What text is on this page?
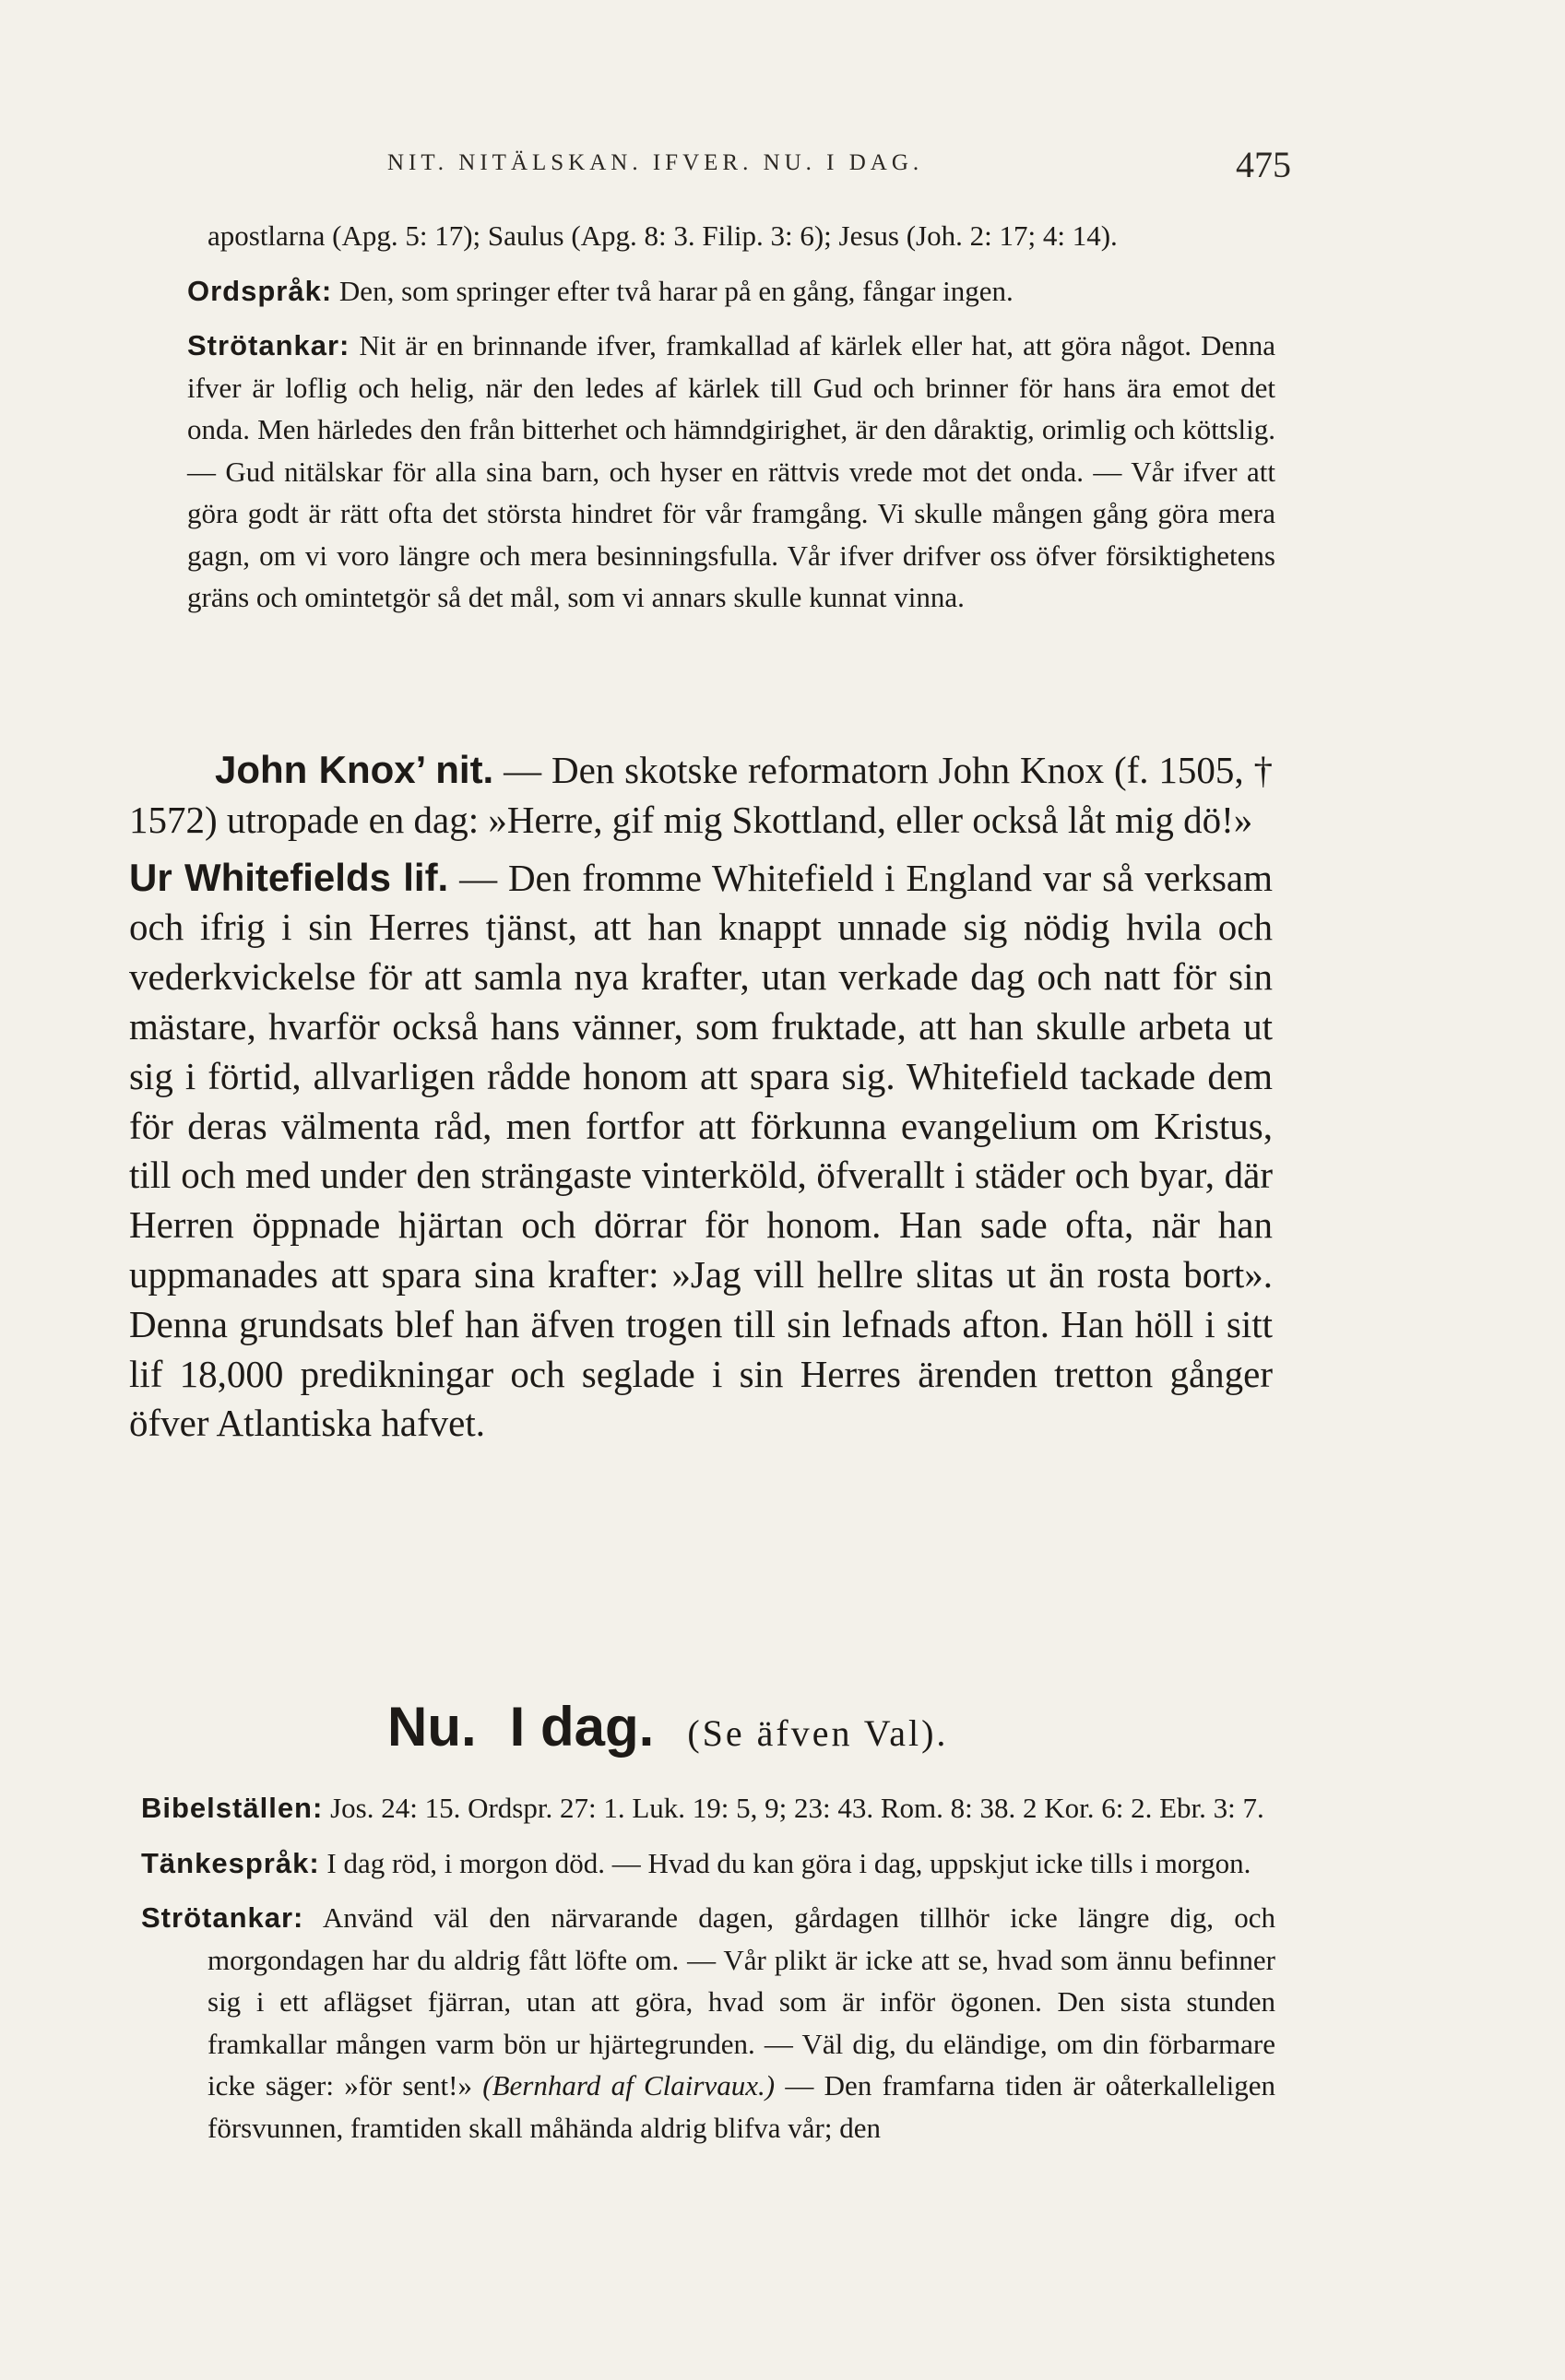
NIT. NITÄLSKAN. IFVER. NU. I DAG.	475

apostlarna (Apg. 5: 17); Saulus (Apg. 8: 3. Filip. 3: 6); Jesus (Joh. 2: 17; 4: 14).

Ordspråk: Den, som springer efter två harar på en gång, fångar ingen.

Strötankar: Nit är en brinnande ifver, framkallad af kärlek eller hat, att göra något. Denna ifver är loflig och helig, när den ledes af kärlek till Gud och brinner för hans ära emot det onda. Men härledes den från bitterhet och hämndgirighet, är den dåraktig, orimlig och köttslig. — Gud nitälskar för alla sina barn, och hyser en rättvis vrede mot det onda. — Vår ifver att göra godt är rätt ofta det största hindret för vår framgång. Vi skulle mången gång göra mera gagn, om vi voro längre och mera besinningsfulla. Vår ifver drifver oss öfver försiktighetens gräns och omintetgör så det mål, som vi annars skulle kunnat vinna.

John Knox’ nit. — Den skotske reformatorn John Knox (f. 1505, † 1572) utropade en dag: »Herre, gif mig Skottland, eller också låt mig dö!»

Ur Whitefields lif. — Den fromme Whitefield i England var så verksam och ifrig i sin Herres tjänst, att han knappt unnade sig nödig hvila och vederkvickelse för att samla nya krafter, utan verkade dag och natt för sin mästare, hvarför också hans vänner, som fruktade, att han skulle arbeta ut sig i förtid, allvarligen rådde honom att spara sig. Whitefield tackade dem för deras välmenta råd, men fortfor att förkunna evangelium om Kristus, till och med under den strängaste vinterköld, öfverallt i städer och byar, där Herren öppnade hjärtan och dörrar för honom. Han sade ofta, när han uppmanades att spara sina krafter: »Jag vill hellre slitas ut än rosta bort». Denna grundsats blef han äfven trogen till sin lefnads afton. Han höll i sitt lif 18,000 predikningar och seglade i sin Herres ärenden tretton gånger öfver Atlantiska hafvet.

Nu. I dag. (Se äfven Val).

Bibelställen: Jos. 24: 15. Ordspr. 27: 1. Luk. 19: 5, 9; 23: 43. Rom. 8: 38. 2 Kor. 6: 2. Ebr. 3: 7.

Tänkespråk: I dag röd, i morgon död. — Hvad du kan göra i dag, uppskjut icke tills i morgon.

Strötankar: Använd väl den närvarande dagen, gårdagen tillhör icke längre dig, och morgondagen har du aldrig fått löfte om. — Vår plikt är icke att se, hvad som ännu befinner sig i ett aflägset fjärran, utan att göra, hvad som är inför ögonen. Den sista stunden framkallar mången varm bön ur hjärtegrunden. — Väl dig, du eländige, om din förbarmare icke säger: »för sent!» (Bernhard af Clairvaux.) — Den framfarna tiden är oåterkalleligen försvunnen, framtiden skall måhända aldrig blifva vår; den
